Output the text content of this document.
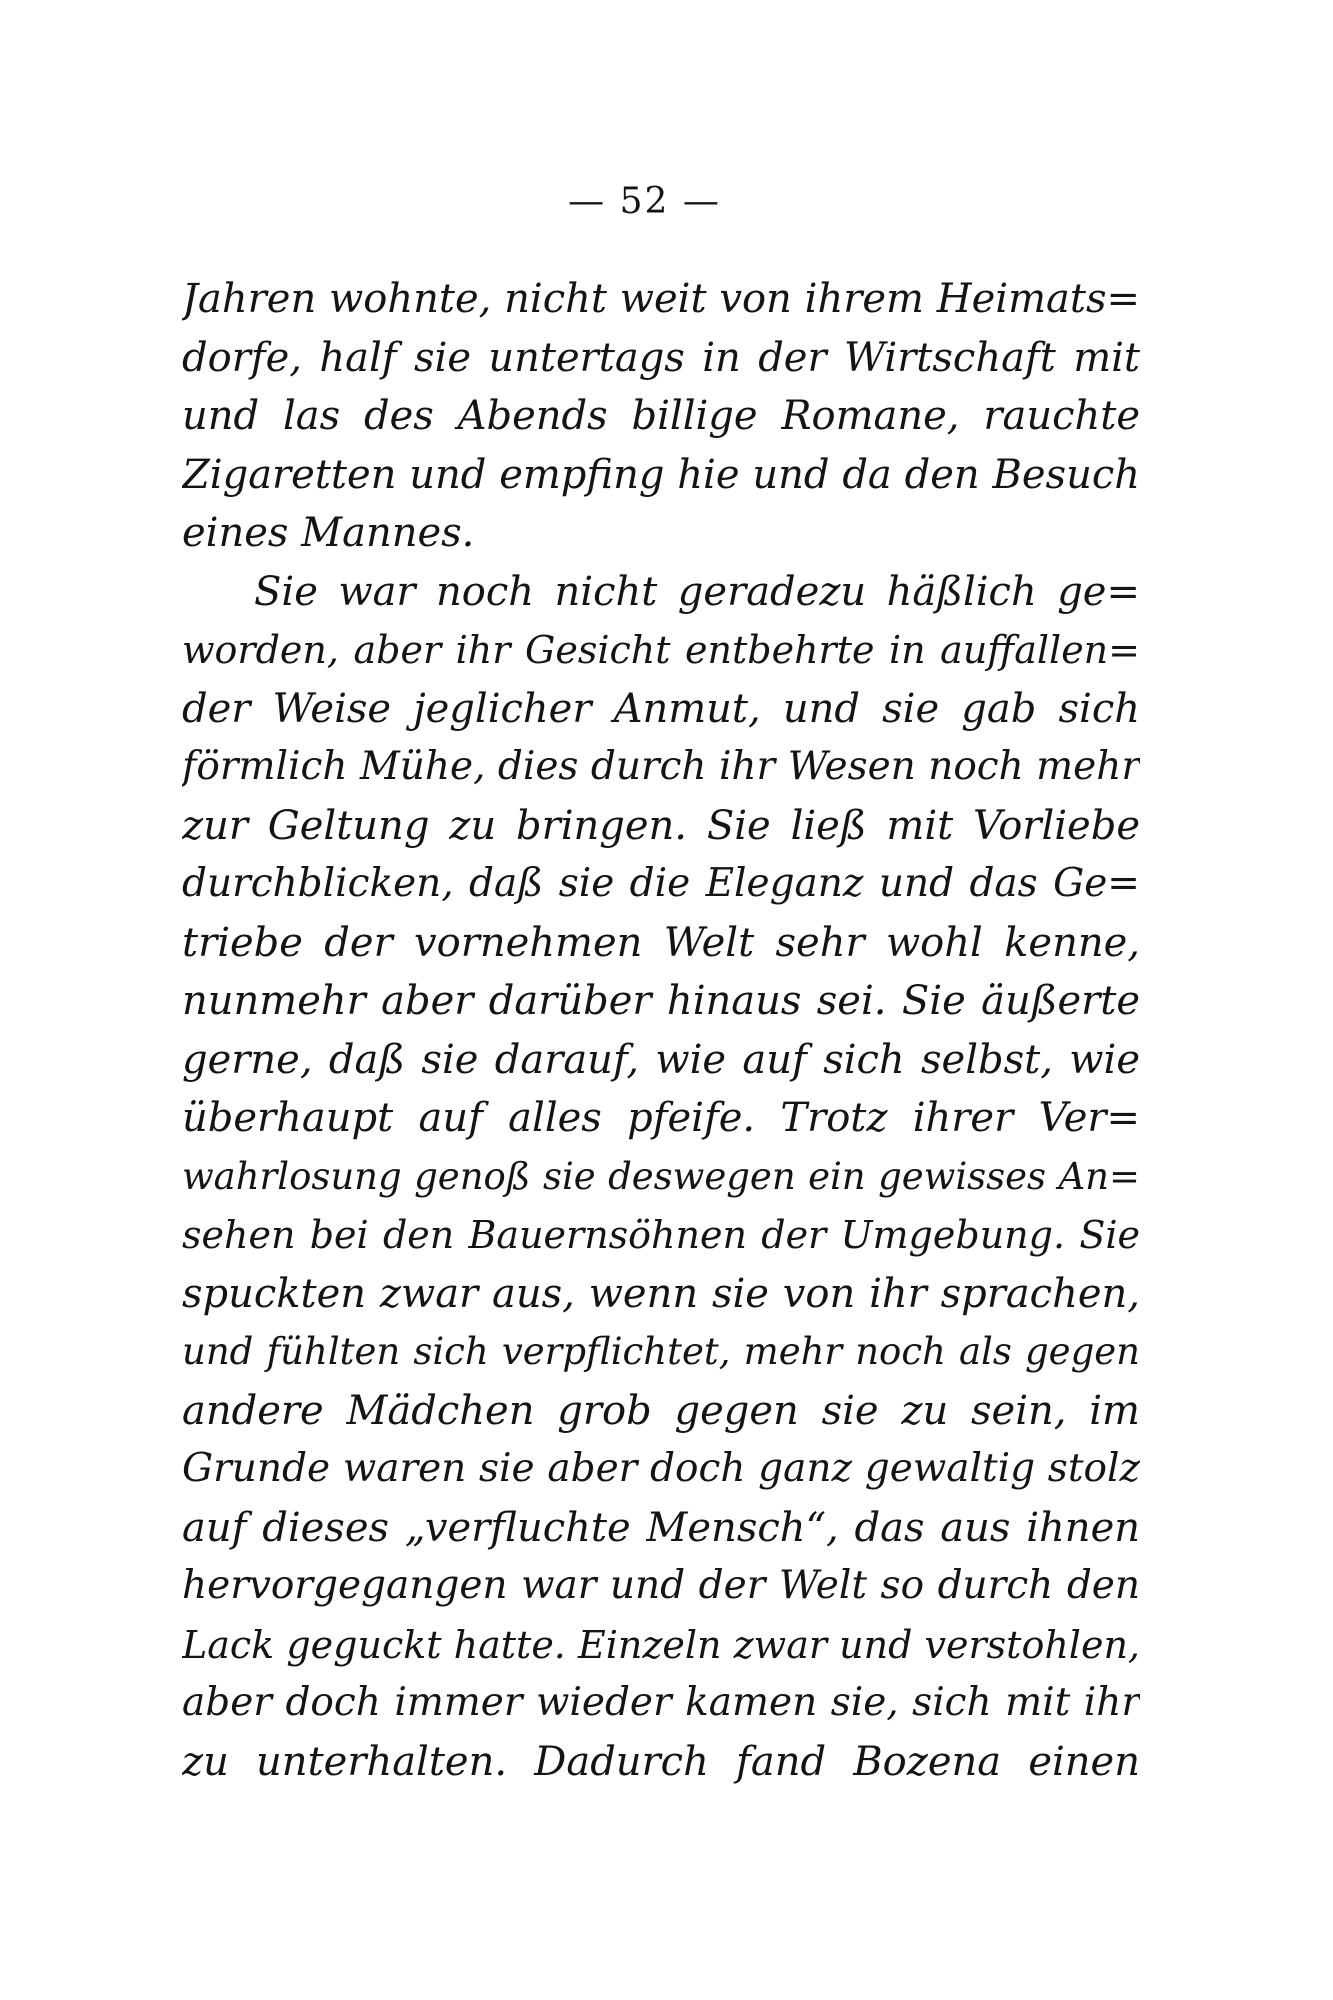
— 52 —
Jahren wohnte, nicht weit von ihrem Heimats=
dorfe, half sie untertags in der Wirtschaft mit
und las des Abends billige Romane, rauchte
Zigaretten und empfing hie und da den Besuch
eines Mannes.
Sie war noch nicht geradezu häßlich ge=
worden, aber ihr Gesicht entbehrte in auffallen=
der Weise jeglicher Anmut, und sie gab sich
förmlich Mühe, dies durch ihr Wesen noch mehr
zur Geltung zu bringen. Sie ließ mit Vorliebe
durchblicken, daß sie die Eleganz und das Ge=
triebe der vornehmen Welt sehr wohl kenne,
nunmehr aber darüber hinaus sei. Sie äußerte
gerne, daß sie darauf, wie auf sich selbst, wie
überhaupt auf alles pfeife. Trotz ihrer Ver=
wahrlosung genoß sie deswegen ein gewisses An=
sehen bei den Bauernsöhnen der Umgebung. Sie
spuckten zwar aus, wenn sie von ihr sprachen,
und fühlten sich verpflichtet, mehr noch als gegen
andere Mädchen grob gegen sie zu sein, im
Grunde waren sie aber doch ganz gewaltig stolz
auf dieses „verfluchte Mensch“, das aus ihnen
hervorgegangen war und der Welt so durch den
Lack geguckt hatte. Einzeln zwar und verstohlen,
aber doch immer wieder kamen sie, sich mit ihr
zu unterhalten. Dadurch fand Bozena einen
